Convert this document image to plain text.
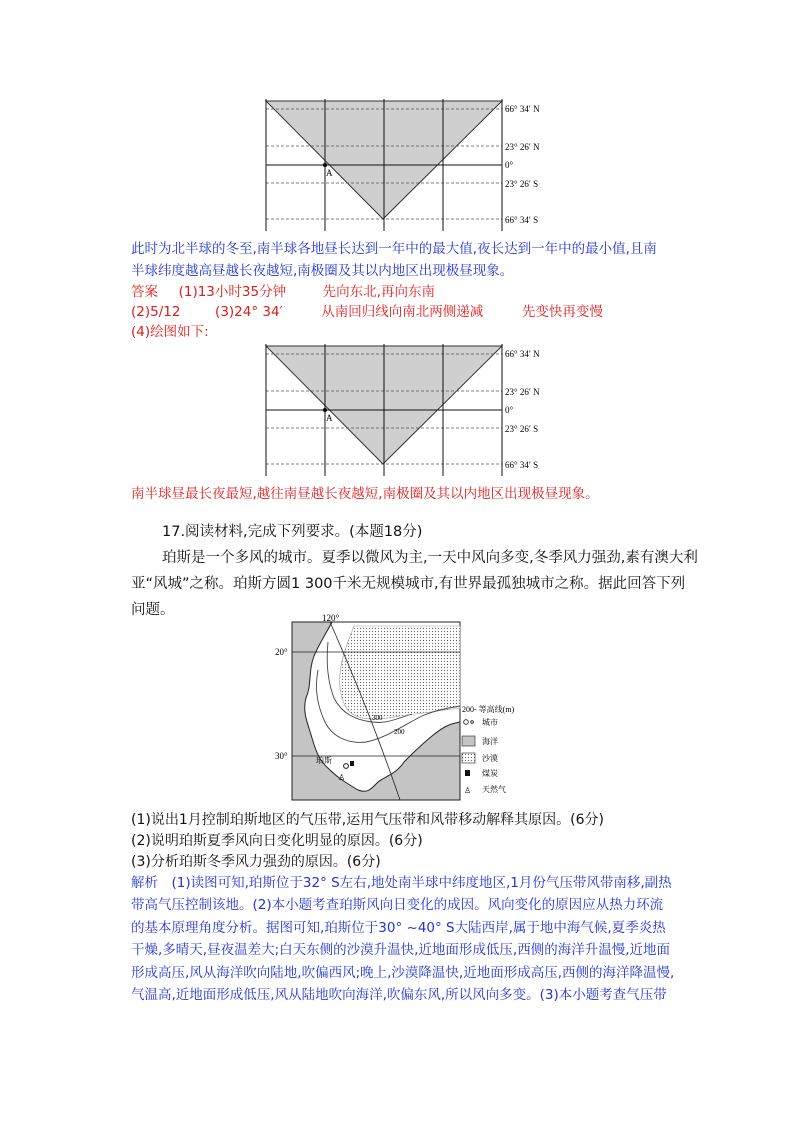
A
66° 34′ N
23° 26′ N
0°
23° 26′ S
66° 34′ S
此时为北半球的冬至,南半球各地昼长达到一年中的最大值,夜长达到一年中的最小值,且南
半球纬度越高昼越长夜越短,南极圈及其以内地区出现极昼现象。
答案 (1)13小时35分钟	先向东北,再向东南
(2)5/12	(3)24° 34′	从南回归线向南北两侧递减	先变快再变慢
(4)绘图如下:
A
66° 34′ N
23° 26′ N
0°
23° 26′ S
66° 34′ S
南半球昼最长夜最短,越往南昼越长夜越短,南极圈及其以内地区出现极昼现象。
17.阅读材料,完成下列要求。(本题18分)
珀斯是一个多风的城市。夏季以微风为主,一天中风向多变,冬季风力强劲,素有澳大利
亚“风城”之称。珀斯方圆1 300千米无规模城市,有世界最孤独城市之称。据此回答下列
问题。	120°
20°
30°
300
200
珀斯
♙
200- 等高线(m)
城市
海洋
沙漠
煤炭
♙ 天然气
(1)说出1月控制珀斯地区的气压带,运用气压带和风带移动解释其原因。(6分)
(2)说明珀斯夏季风向日变化明显的原因。(6分)
(3)分析珀斯冬季风力强劲的原因。(6分)
解析　(1)读图可知,珀斯位于32° S左右,地处南半球中纬度地区,1月份气压带风带南移,副热
带高气压控制该地。(2)本小题考查珀斯风向日变化的成因。风向变化的原因应从热力环流
的基本原理角度分析。据图可知,珀斯位于30° ~40° S大陆西岸,属于地中海气候,夏季炎热
干燥,多晴天,昼夜温差大;白天东侧的沙漠升温快,近地面形成低压,西侧的海洋升温慢,近地面
形成高压,风从海洋吹向陆地,吹偏西风;晚上,沙漠降温快,近地面形成高压,西侧的海洋降温慢,
气温高,近地面形成低压,风从陆地吹向海洋,吹偏东风,所以风向多变。(3)本小题考查气压带
